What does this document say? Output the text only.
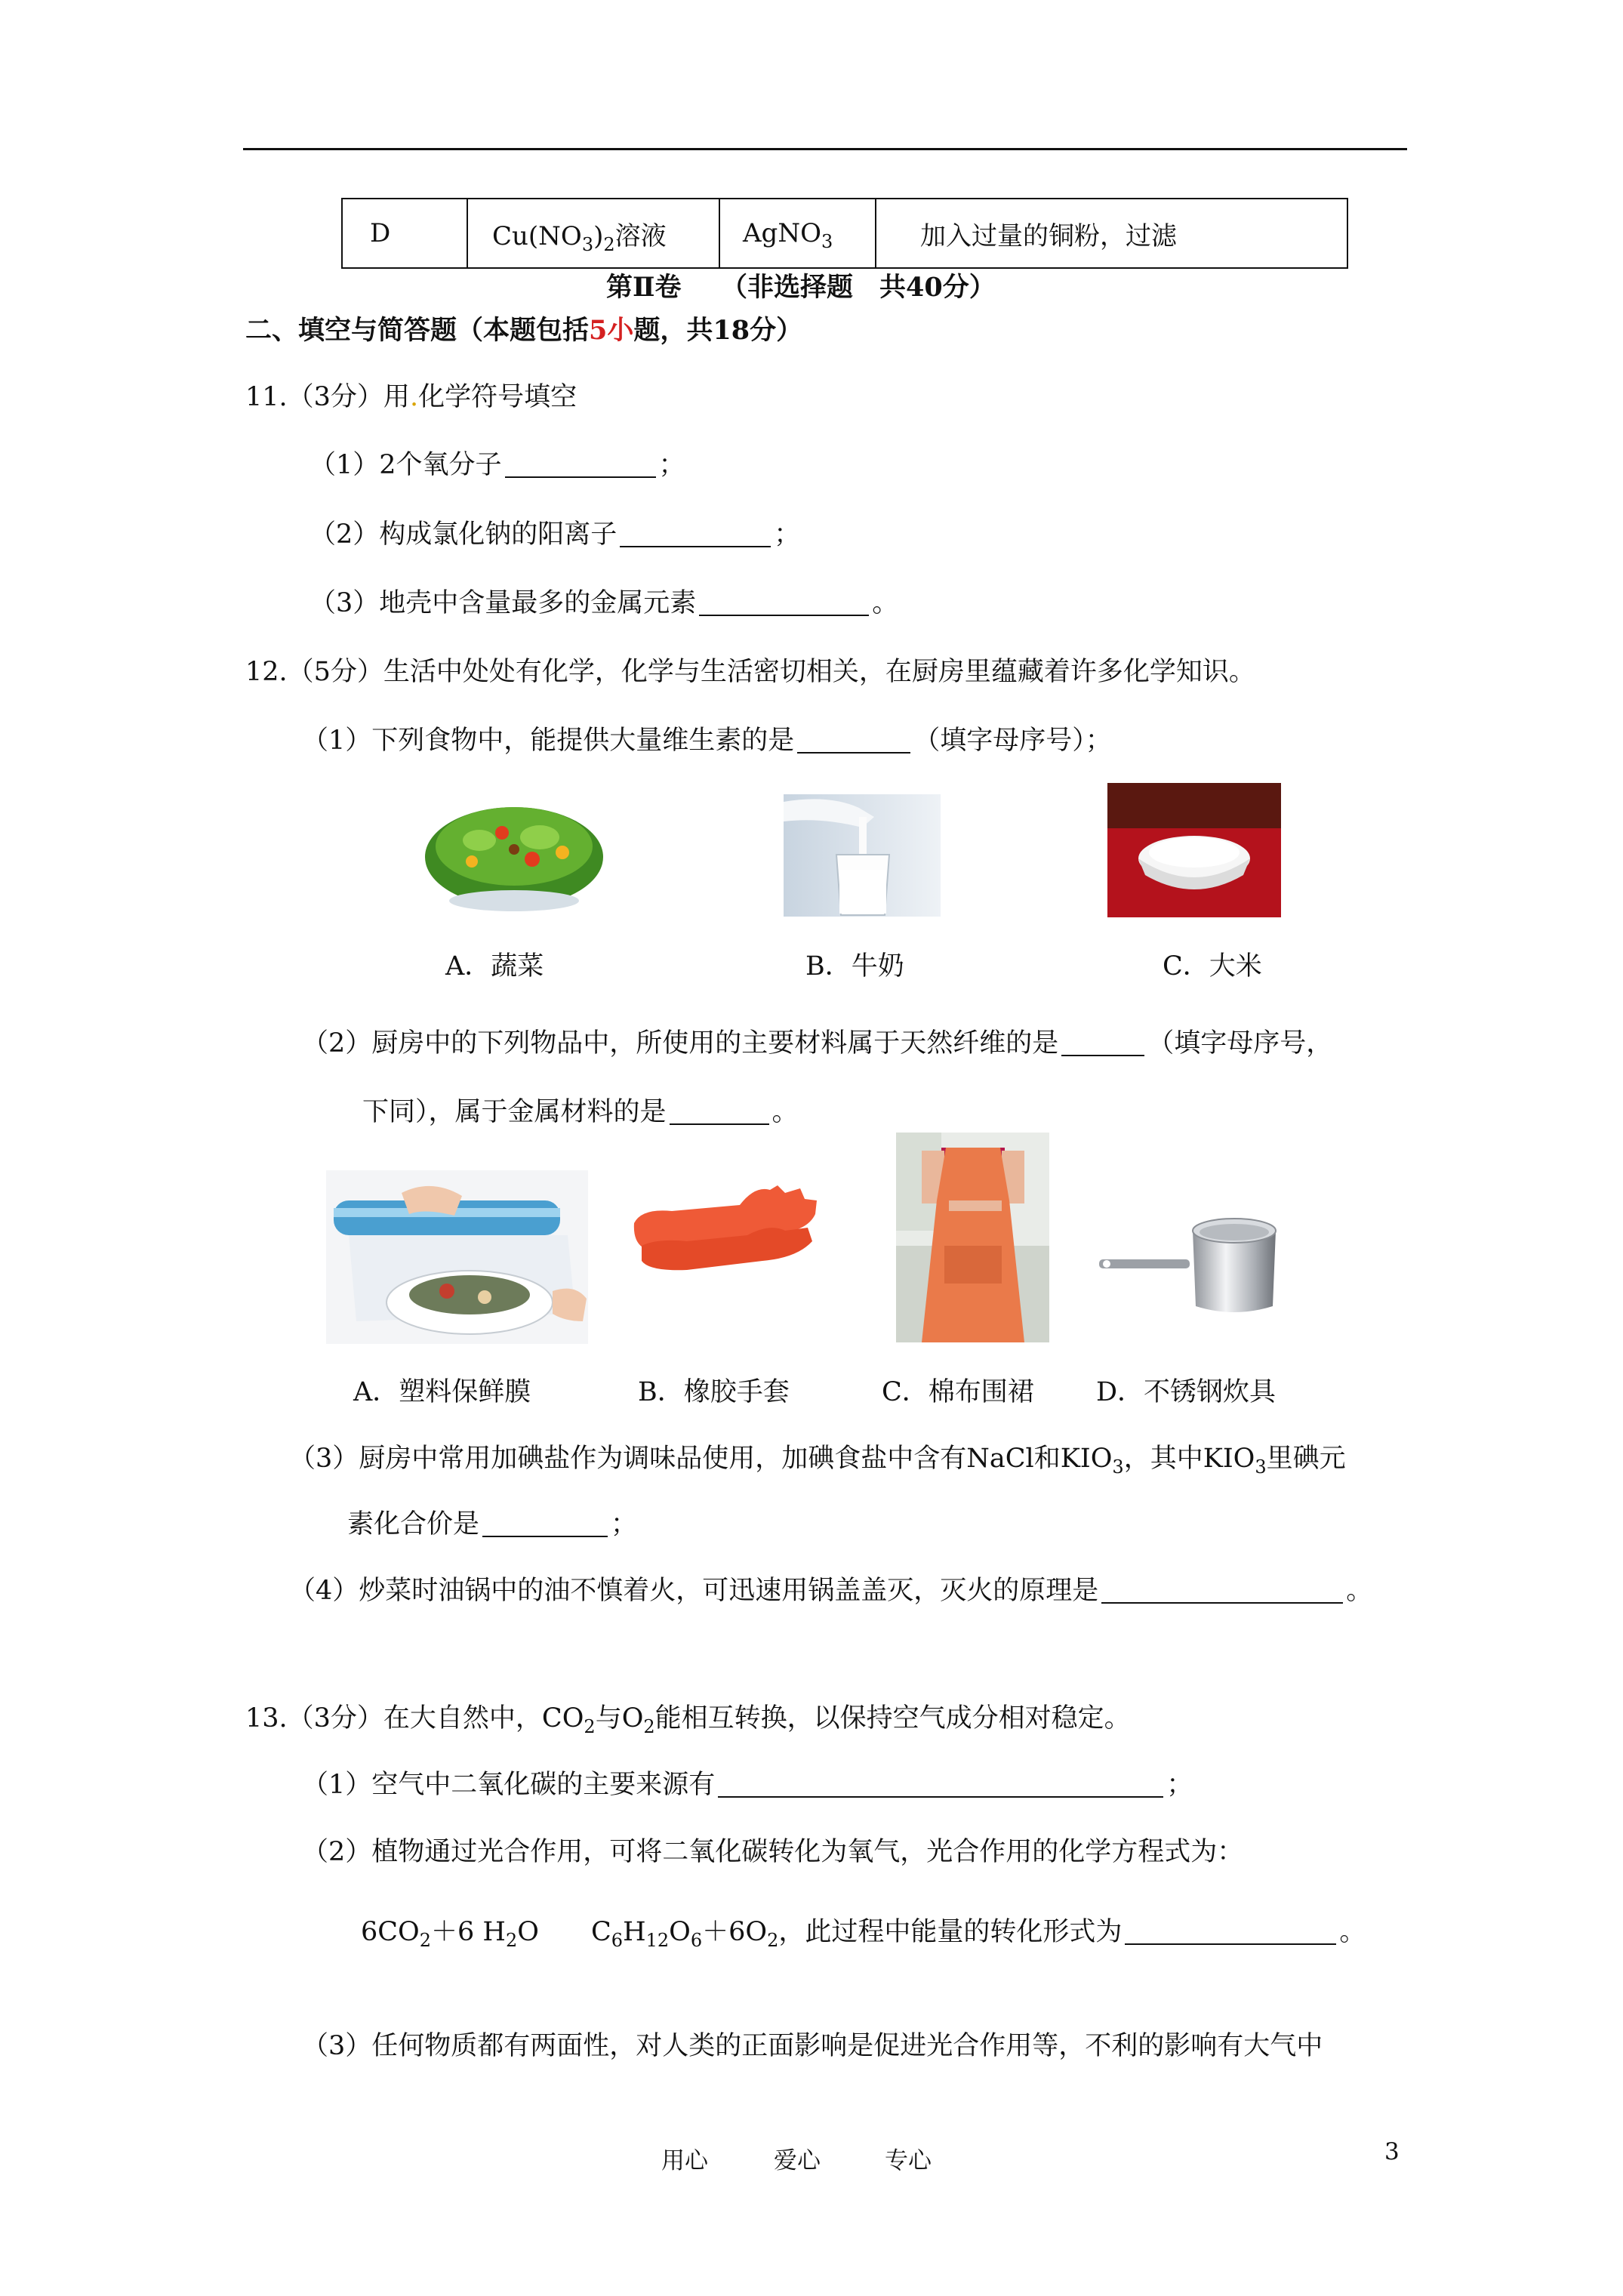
D	$Cu(NO_3)_2$溶液	AgNO$_3$	加入过量的铜粉，过滤
第Ⅱ卷　　（非选择题　共40分）
二、填空与简答题（本题包括5小题，共18分）
11.（3分）用.化学符号填空
（1）2个氧分子	；
（2）构成氯化钠的阳离子	；
（3）地壳中含量最多的金属元素	。
12.（5分）生活中处处有化学，化学与生活密切相关，在厨房里蕴藏着许多化学知识。
（1）下列食物中，能提供大量维生素的是	（填字母序号）；
A．蔬菜	B．牛奶	C．大米
（2）厨房中的下列物品中，所使用的主要材料属于天然纤维的是	（填字母序号，
下同），属于金属材料的是	。
A．塑料保鲜膜	B．橡胶手套	C．棉布围裙 D．不锈钢炊具
（3）厨房中常用加碘盐作为调味品使用，加碘食盐中含有NaCl和$KIO_3$，其中$KIO_3$里碘元
素化合价是	；
（4）炒菜时油锅中的油不慎着火，可迅速用锅盖盖灭，灭火的原理是	。
13.（3分）在大自然中，$CO_2$与$O_2$能相互转换，以保持空气成分相对稳定。
（1）空气中二氧化碳的主要来源有	；
（2）植物通过光合作用，可将二氧化碳转化为氧气，光合作用的化学方程式为：
$6CO_2+6$ $H_2O$ $C_6H_{12}O_6+6O_2$，此过程中能量的转化形式为	。
（3）任何物质都有两面性，对人类的正面影响是促进光合作用等，不利的影响有大气中
用心	爱心	专心	3
